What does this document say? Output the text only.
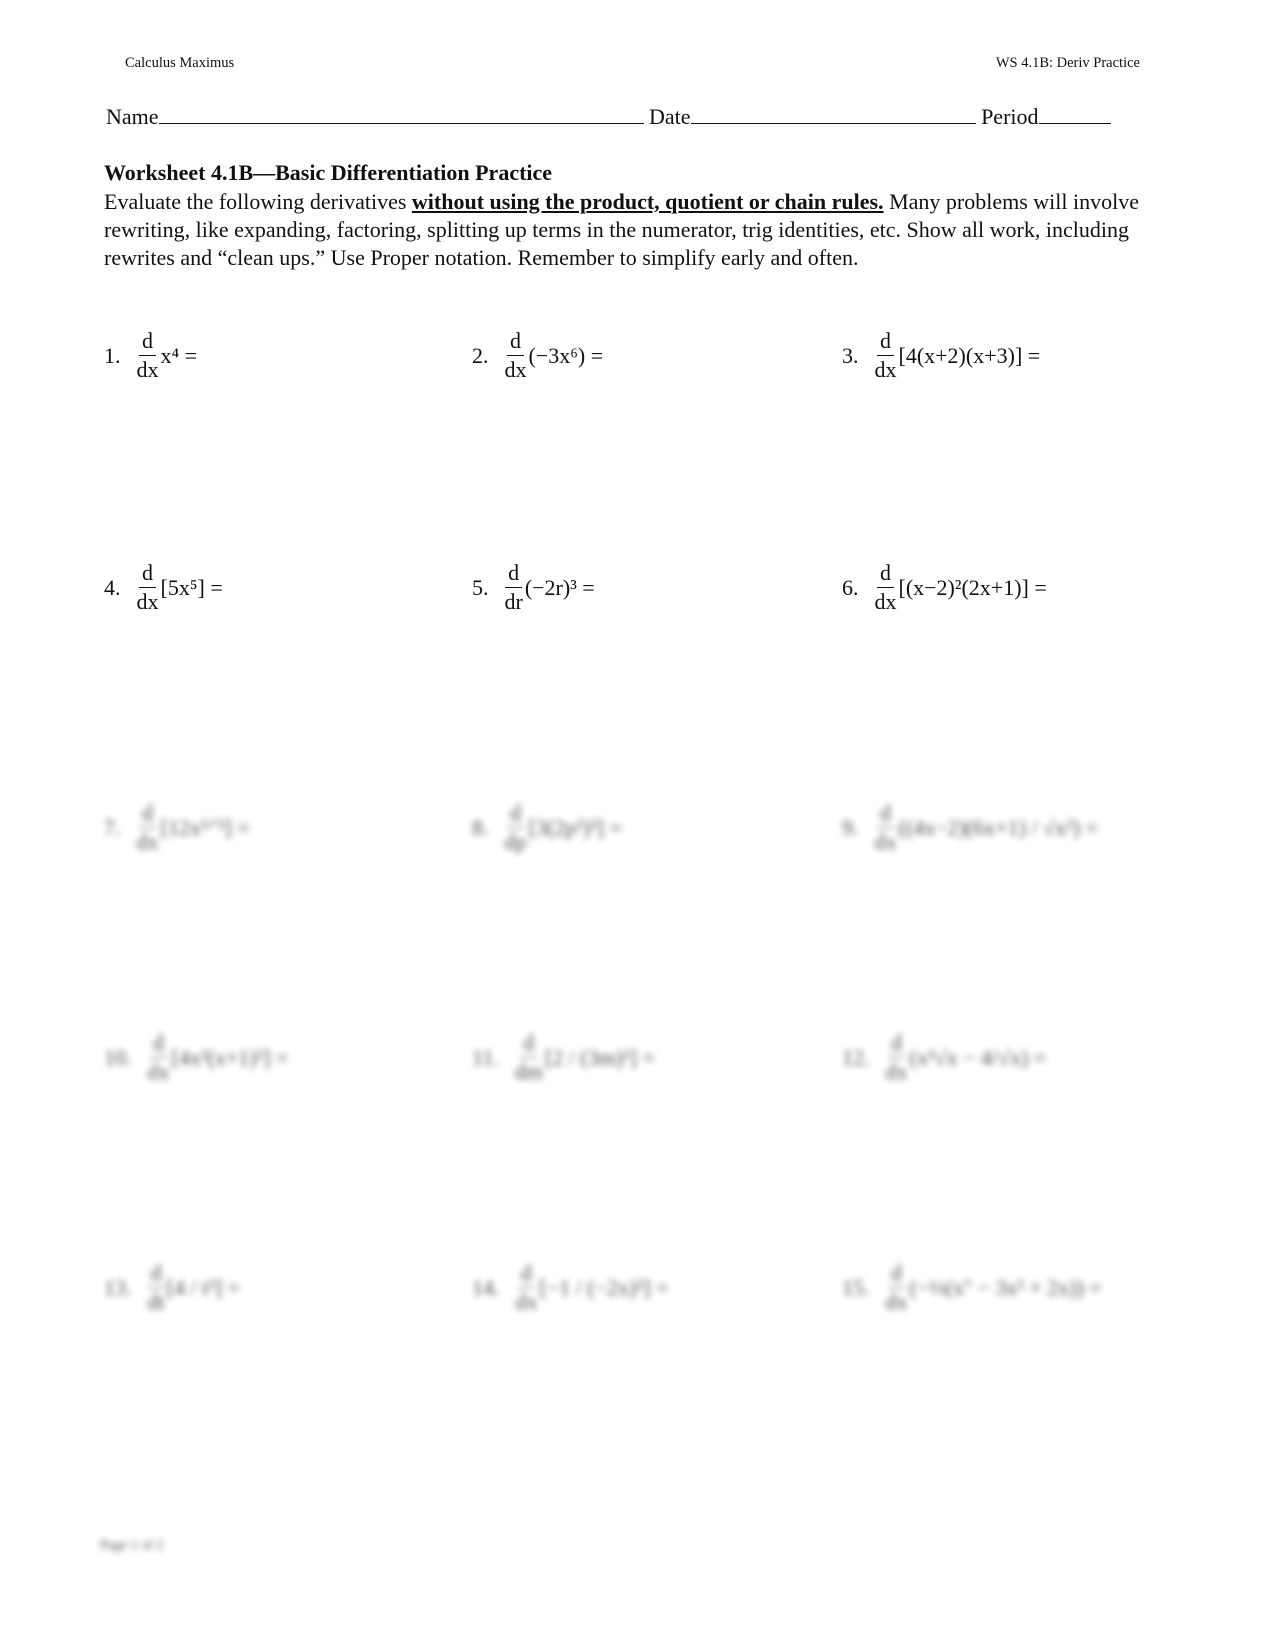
Calculus Maximus	WS 4.1B: Deriv Practice
Name	Date	Period
Worksheet 4.1B—Basic Differentiation Practice
Evaluate the following derivatives without using the product, quotient or chain rules. Many problems will involve rewriting, like expanding, factoring, splitting up terms in the numerator, trig identities, etc. Show all work, including rewrites and “clean ups.” Use Proper notation. Remember to simplify early and often.
1. $\frac{d}{dx} x^4$ =	2. $\frac{d}{dx} (-3x^6)$ =	3. $\frac{d}{dx} [4(x+2)(x+3)]$ =
4. $\frac{d}{dx} [5x^5]$ =	5. $\frac{d}{dr} (-2r)^3$ =	6. $\frac{d}{dx} [(x-2)^2(2x+1)]$ =
7. $\frac{d}{dx}$ [12x⁵ᐟ³] =	8. $\frac{d}{dp} [3(2p^2)^3]$ =	9. $\frac{d}{dx} ((4x-2)(6x+1) / √x^2)$ =
10. $\frac{d}{dx} [4x^2(x+1)^2]$ =	11. $\frac{d}{dm} [2 / (3m)^2]$ =	12. $\frac{d}{dx} (x^3√x - 4/√x)$ =
13. $\frac{d}{dt} [4 / t^3]$ =	14. $\frac{d}{dx} [-1 / (-2x)^3]$ =	15. $\frac{d}{dx}$ (−⅓(x⁷ − 3x² + 2x)) =
Page 1 of 2
